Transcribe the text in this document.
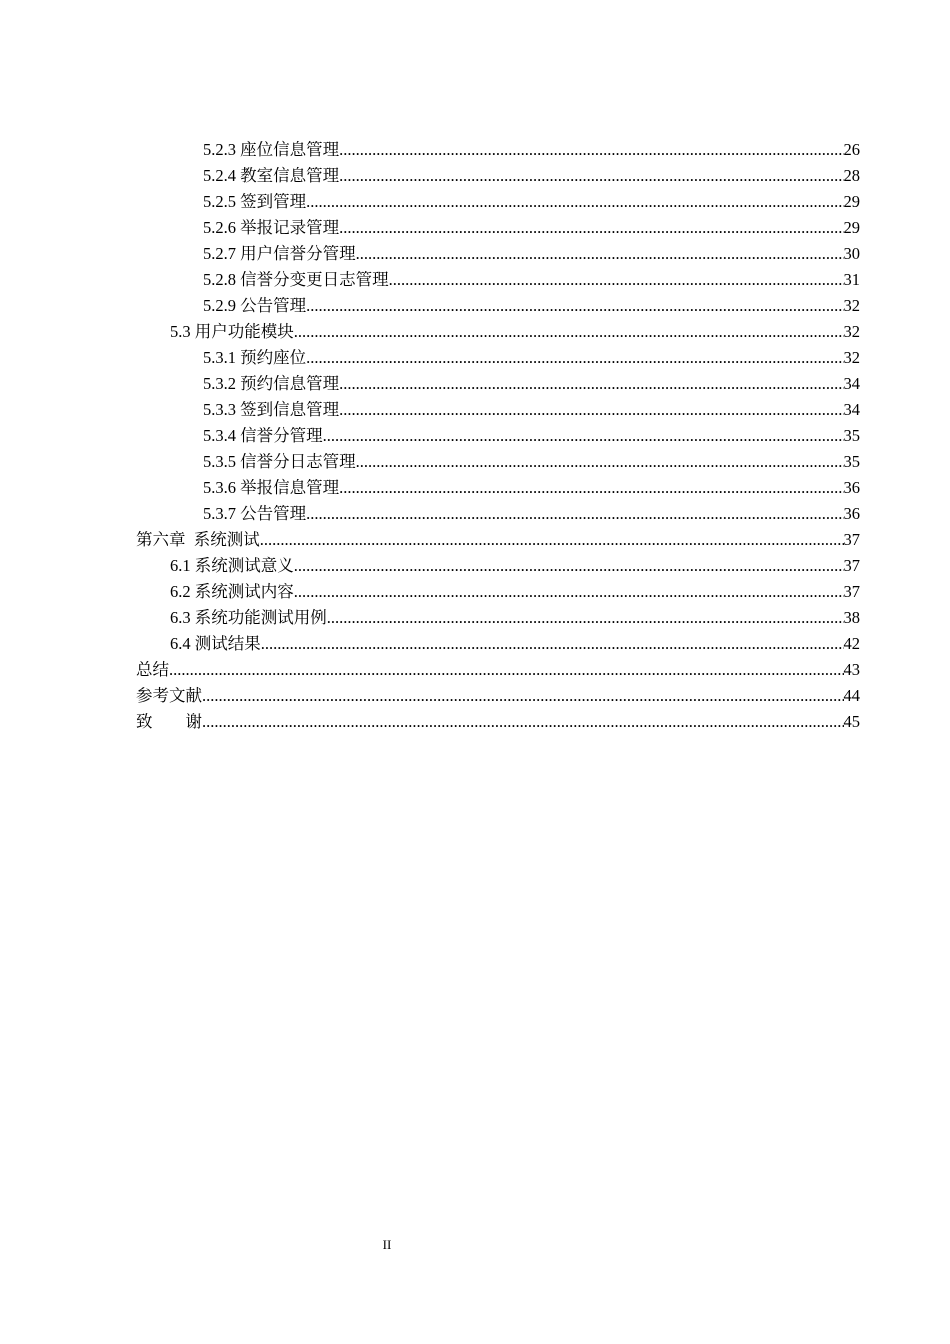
5.2.3 座位信息管理 .....	26
5.2.4 教室信息管理 .....	28
5.2.5 签到管理 .....	29
5.2.6 举报记录管理 .....	29
5.2.7 用户信誉分管理 .....	30
5.2.8 信誉分变更日志管理 .....	31
5.2.9 公告管理 .....	32
5.3 用户功能模块 .....	32
5.3.1 预约座位 .....	32
5.3.2 预约信息管理 .....	34
5.3.3 签到信息管理 .....	34
5.3.4 信誉分管理 .....	35
5.3.5 信誉分日志管理 .....	35
5.3.6 举报信息管理 .....	36
5.3.7 公告管理 .....	36
第六章  系统测试 .....	37
6.1 系统测试意义 .....	37
6.2 系统测试内容 .....	37
6.3 系统功能测试用例 .....	38
6.4 测试结果 .....	42
总结 .....	43
参考文献 .....	44
致　　谢 .....	45
II
